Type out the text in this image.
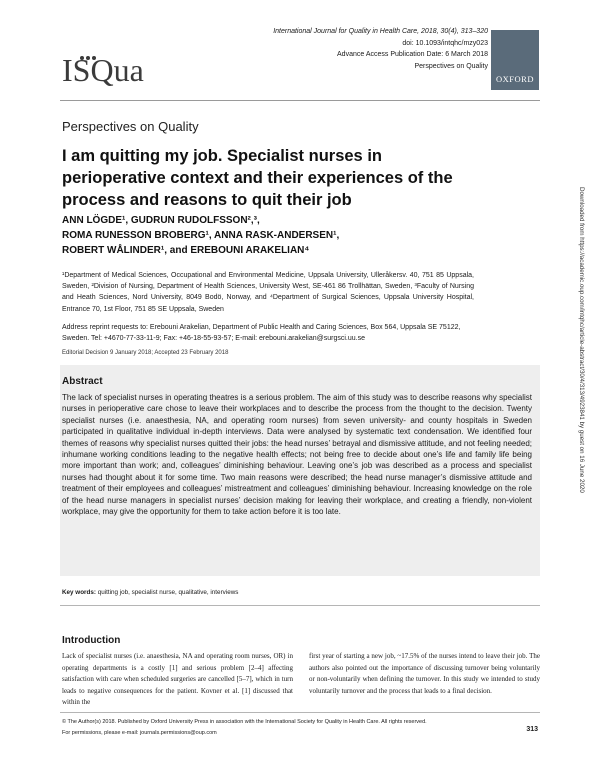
ISQua
International Journal for Quality in Health Care, 2018, 30(4), 313–320
doi: 10.1093/intqhc/mzy023
Advance Access Publication Date: 6 March 2018
Perspectives on Quality
OXFORD
Perspectives on Quality
I am quitting my job. Specialist nurses in perioperative context and their experiences of the process and reasons to quit their job
ANN LÖGDE¹, GUDRUN RUDOLFSSON²,³,
ROMA RUNESSON BROBERG¹, ANNA RASK-ANDERSEN¹,
ROBERT WÅLINDER¹, and EREBOUNI ARAKELIAN⁴
¹Department of Medical Sciences, Occupational and Environmental Medicine, Uppsala University, Ulleråkersv. 40, 751 85 Uppsala, Sweden, ²Division of Nursing, Department of Health Sciences, University West, SE-461 86 Trollhättan, Sweden, ³Faculty of Nursing and Heath Sciences, Nord University, 8049 Bodö, Norway, and ⁴Department of Surgical Sciences, Uppsala University Hospital, Entrance 70, 1st Floor, 751 85 SE Uppsala, Sweden
Address reprint requests to: Erebouni Arakelian, Department of Public Health and Caring Sciences, Box 564, Uppsala SE 75122, Sweden. Tel: +4670-77-33-11-9; Fax: +46-18-55-93-57; E-mail: erebouni.arakelian@surgsci.uu.se
Editorial Decision 9 January 2018; Accepted 23 February 2018
Abstract
The lack of specialist nurses in operating theatres is a serious problem. The aim of this study was to describe reasons why specialist nurses in perioperative care chose to leave their workplaces and to describe the process from the thought to the decision. Twenty specialist nurses (i.e. anaesthesia, NA, and operating room nurses) from seven university- and county hospitals in Sweden participated in qualitative individual in-depth interviews. Data were analysed by systematic text condensation. We identified four themes of reasons why specialist nurses quitted their jobs: the head nurses’ betrayal and dismissive attitude, and not feeling needed; inhumane working conditions leading to the negative health effects; not being free to decide about one’s life and family life being more important than work; and, colleagues’ diminishing behaviour. Leaving one’s job was described as a process and specialist nurses had thought about it for some time. Two main reasons were described; the head nurse manager’s dismissive attitude and treatment of their employees and colleagues’ mistreatment and colleagues’ diminishing behaviour. Increasing knowledge on the role of the head nurse managers in specialist nurses’ decision making for leaving their workplace, and creating a friendly, non-violent workplace, may give the opportunity for them to take action before it is too late.
Key words: quitting job, specialist nurse, qualitative, interviews
Introduction
Lack of specialist nurses (i.e. anaesthesia, NA and operating room nurses, OR) in operating departments is a costly [1] and serious problem [2–4] affecting satisfaction with care when scheduled surgeries are cancelled [5–7], which in turn leads to negative consequences for the patient. Kovner et al. [1] discussed that within the
first year of starting a new job, ~17.5% of the nurses intend to leave their job. The authors also pointed out the importance of discussing turnover being voluntarily or non-voluntarily when defining the turnover. In this study we intended to study voluntarily turnover and the process that leads to a final decision.
© The Author(s) 2018. Published by Oxford University Press in association with the International Society for Quality in Health Care. All rights reserved.
For permissions, please e-mail: journals.permissions@oup.com	313
Downloaded from https://academic.oup.com/intqhc/article-abstract/30/4/313/4923841 by guest on 16 June 2020
